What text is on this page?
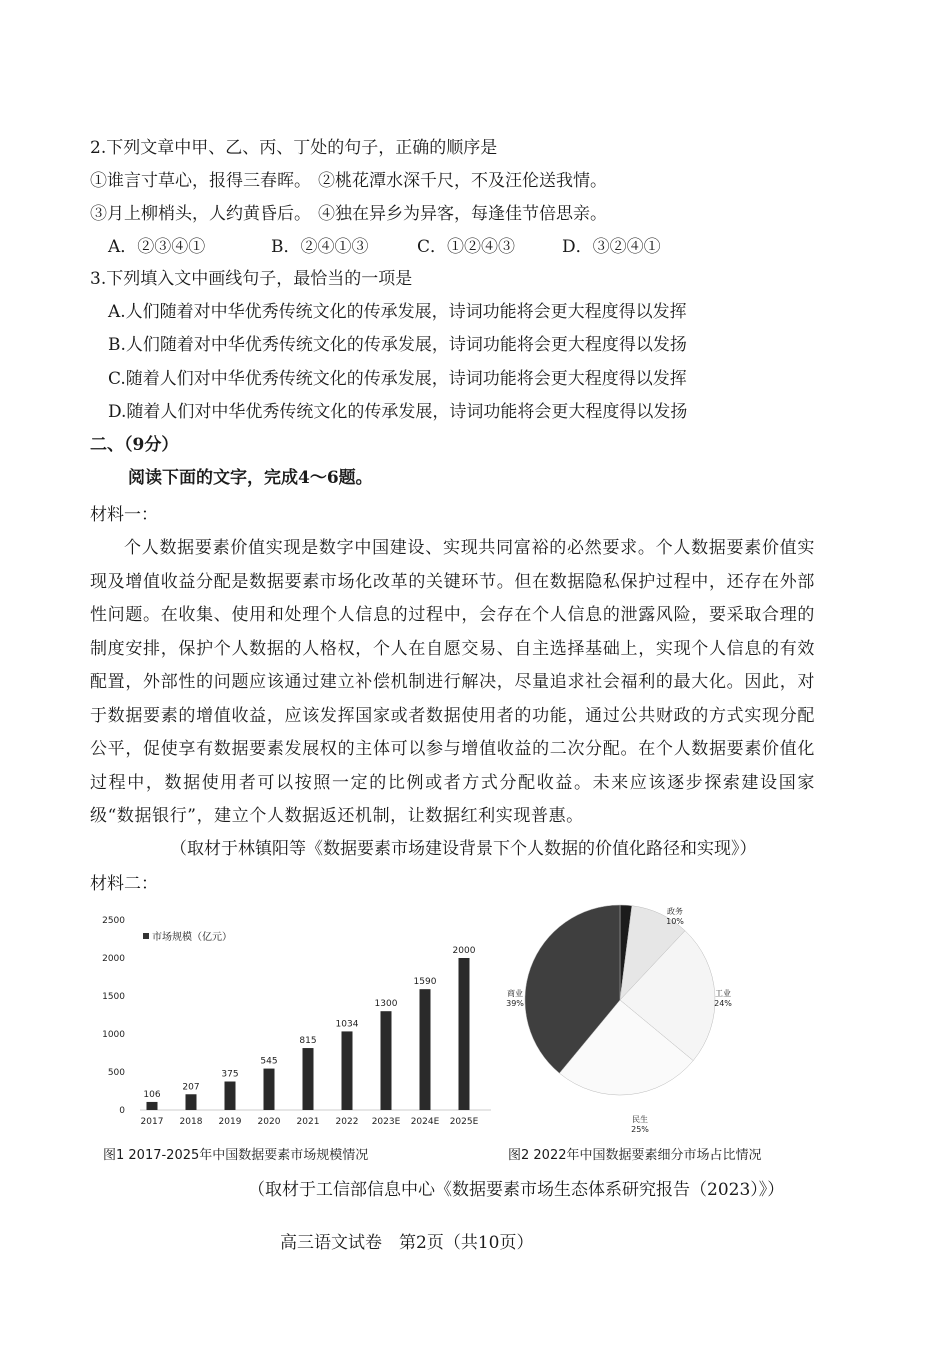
2.下列文章中甲、乙、丙、丁处的句子，正确的顺序是
①谁言寸草心，报得三春晖。 ②桃花潭水深千尺，不及汪伦送我情。
③月上柳梢头，人约黄昏后。 ④独在异乡为异客，每逢佳节倍思亲。
A．②③④①	B．②④①③	C．①②④③	D．③②④①
3.下列填入文中画线句子，最恰当的一项是
A.人们随着对中华优秀传统文化的传承发展，诗词功能将会更大程度得以发挥
B.人们随着对中华优秀传统文化的传承发展，诗词功能将会更大程度得以发扬
C.随着人们对中华优秀传统文化的传承发展，诗词功能将会更大程度得以发挥
D.随着人们对中华优秀传统文化的传承发展，诗词功能将会更大程度得以发扬
二、（9分）
阅读下面的文字，完成4～6题。
材料一：
个人数据要素价值实现是数字中国建设、实现共同富裕的必然要求。个人数据要素价值实现及增值收益分配是数据要素市场化改革的关键环节。但在数据隐私保护过程中，还存在外部性问题。在收集、使用和处理个人信息的过程中，会存在个人信息的泄露风险，要采取合理的制度安排，保护个人数据的人格权，个人在自愿交易、自主选择基础上，实现个人信息的有效配置，外部性的问题应该通过建立补偿机制进行解决，尽量追求社会福利的最大化。因此，对于数据要素的增值收益，应该发挥国家或者数据使用者的功能，通过公共财政的方式实现分配公平，促使享有数据要素发展权的主体可以参与增值收益的二次分配。在个人数据要素价值化过程中，数据使用者可以按照一定的比例或者方式分配收益。未来应该逐步探索建设国家级“数据银行”，建立个人数据返还机制，让数据红利实现普惠。
（取材于林镇阳等《数据要素市场建设背景下个人数据的价值化路径和实现》）
材料二：
0
500
1000
1500
2000
2500
106
2017
207
2018
375
2019
545
2020
815
2021
1034
2022
1300
2023E
1590
2024E
2000
2025E
市场规模（亿元）
图1 2017-2025年中国数据要素市场规模情况
政务
10%
工业
24%
民生
25%
商业
39%
图2 2022年中国数据要素细分市场占比情况
（取材于工信部信息中心《数据要素市场生态体系研究报告（2023）》）
高三语文试卷　第2页（共10页）
